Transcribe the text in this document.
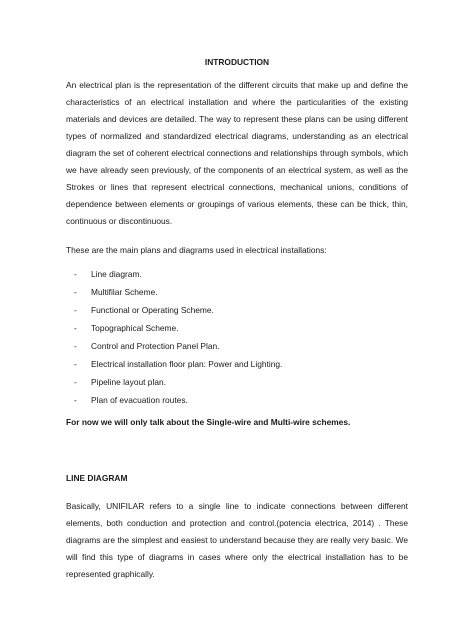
INTRODUCTION

An electrical plan is the representation of the different circuits that make up and define the characteristics of an electrical installation and where the particularities of the existing materials and devices are detailed. The way to represent these plans can be using different types of normalized and standardized electrical diagrams, understanding as an electrical diagram the set of coherent electrical connections and relationships through symbols, which we have already seen previously, of the components of an electrical system, as well as the Strokes or lines that represent electrical connections, mechanical unions, conditions of dependence between elements or groupings of various elements, these can be thick, thin, continuous or discontinuous.

These are the main plans and diagrams used in electrical installations:

- Line diagram.
- Multifilar Scheme.
- Functional or Operating Scheme.
- Topographical Scheme.
- Control and Protection Panel Plan.
- Electrical installation floor plan: Power and Lighting.
- Pipeline layout plan.
- Plan of evacuation routes.

For now we will only talk about the Single-wire and Multi-wire schemes.

LINE DIAGRAM

Basically, UNIFILAR refers to a single line to indicate connections between different elements, both conduction and protection and control.(potencia electrica, 2014) . These diagrams are the simplest and easiest to understand because they are really very basic. We will find this type of diagrams in cases where only the electrical installation has to be represented graphically.
